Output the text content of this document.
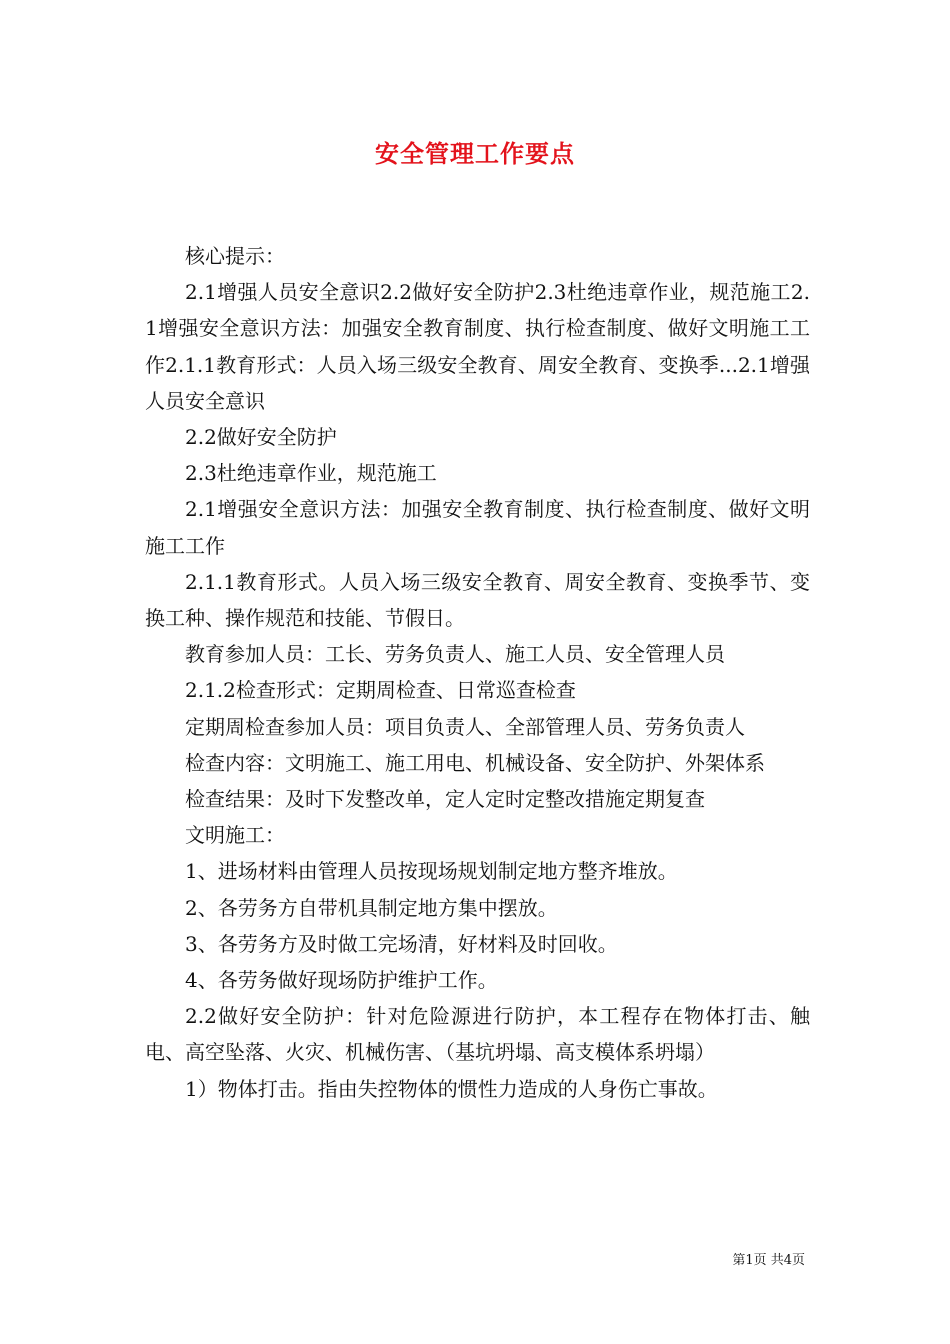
安全管理工作要点

核心提示：

2.1增强人员安全意识2.2做好安全防护2.3杜绝违章作业，规范施工2.1增强安全意识方法：加强安全教育制度、执行检查制度、做好文明施工工作2.1.1教育形式：人员入场三级安全教育、周安全教育、变换季...2.1增强人员安全意识

2.2做好安全防护

2.3杜绝违章作业，规范施工

2.1增强安全意识方法：加强安全教育制度、执行检查制度、做好文明施工工作

2.1.1教育形式。人员入场三级安全教育、周安全教育、变换季节、变换工种、操作规范和技能、节假日。

教育参加人员：工长、劳务负责人、施工人员、安全管理人员

2.1.2检查形式：定期周检查、日常巡查检查

定期周检查参加人员：项目负责人、全部管理人员、劳务负责人

检查内容：文明施工、施工用电、机械设备、安全防护、外架体系

检查结果：及时下发整改单，定人定时定整改措施定期复查

文明施工：

1、进场材料由管理人员按现场规划制定地方整齐堆放。

2、各劳务方自带机具制定地方集中摆放。

3、各劳务方及时做工完场清，好材料及时回收。

4、各劳务做好现场防护维护工作。

2.2做好安全防护：针对危险源进行防护，本工程存在物体打击、触电、高空坠落、火灾、机械伤害、（基坑坍塌、高支模体系坍塌）

1）物体打击。指由失控物体的惯性力造成的人身伤亡事故。

第1页 共4页
